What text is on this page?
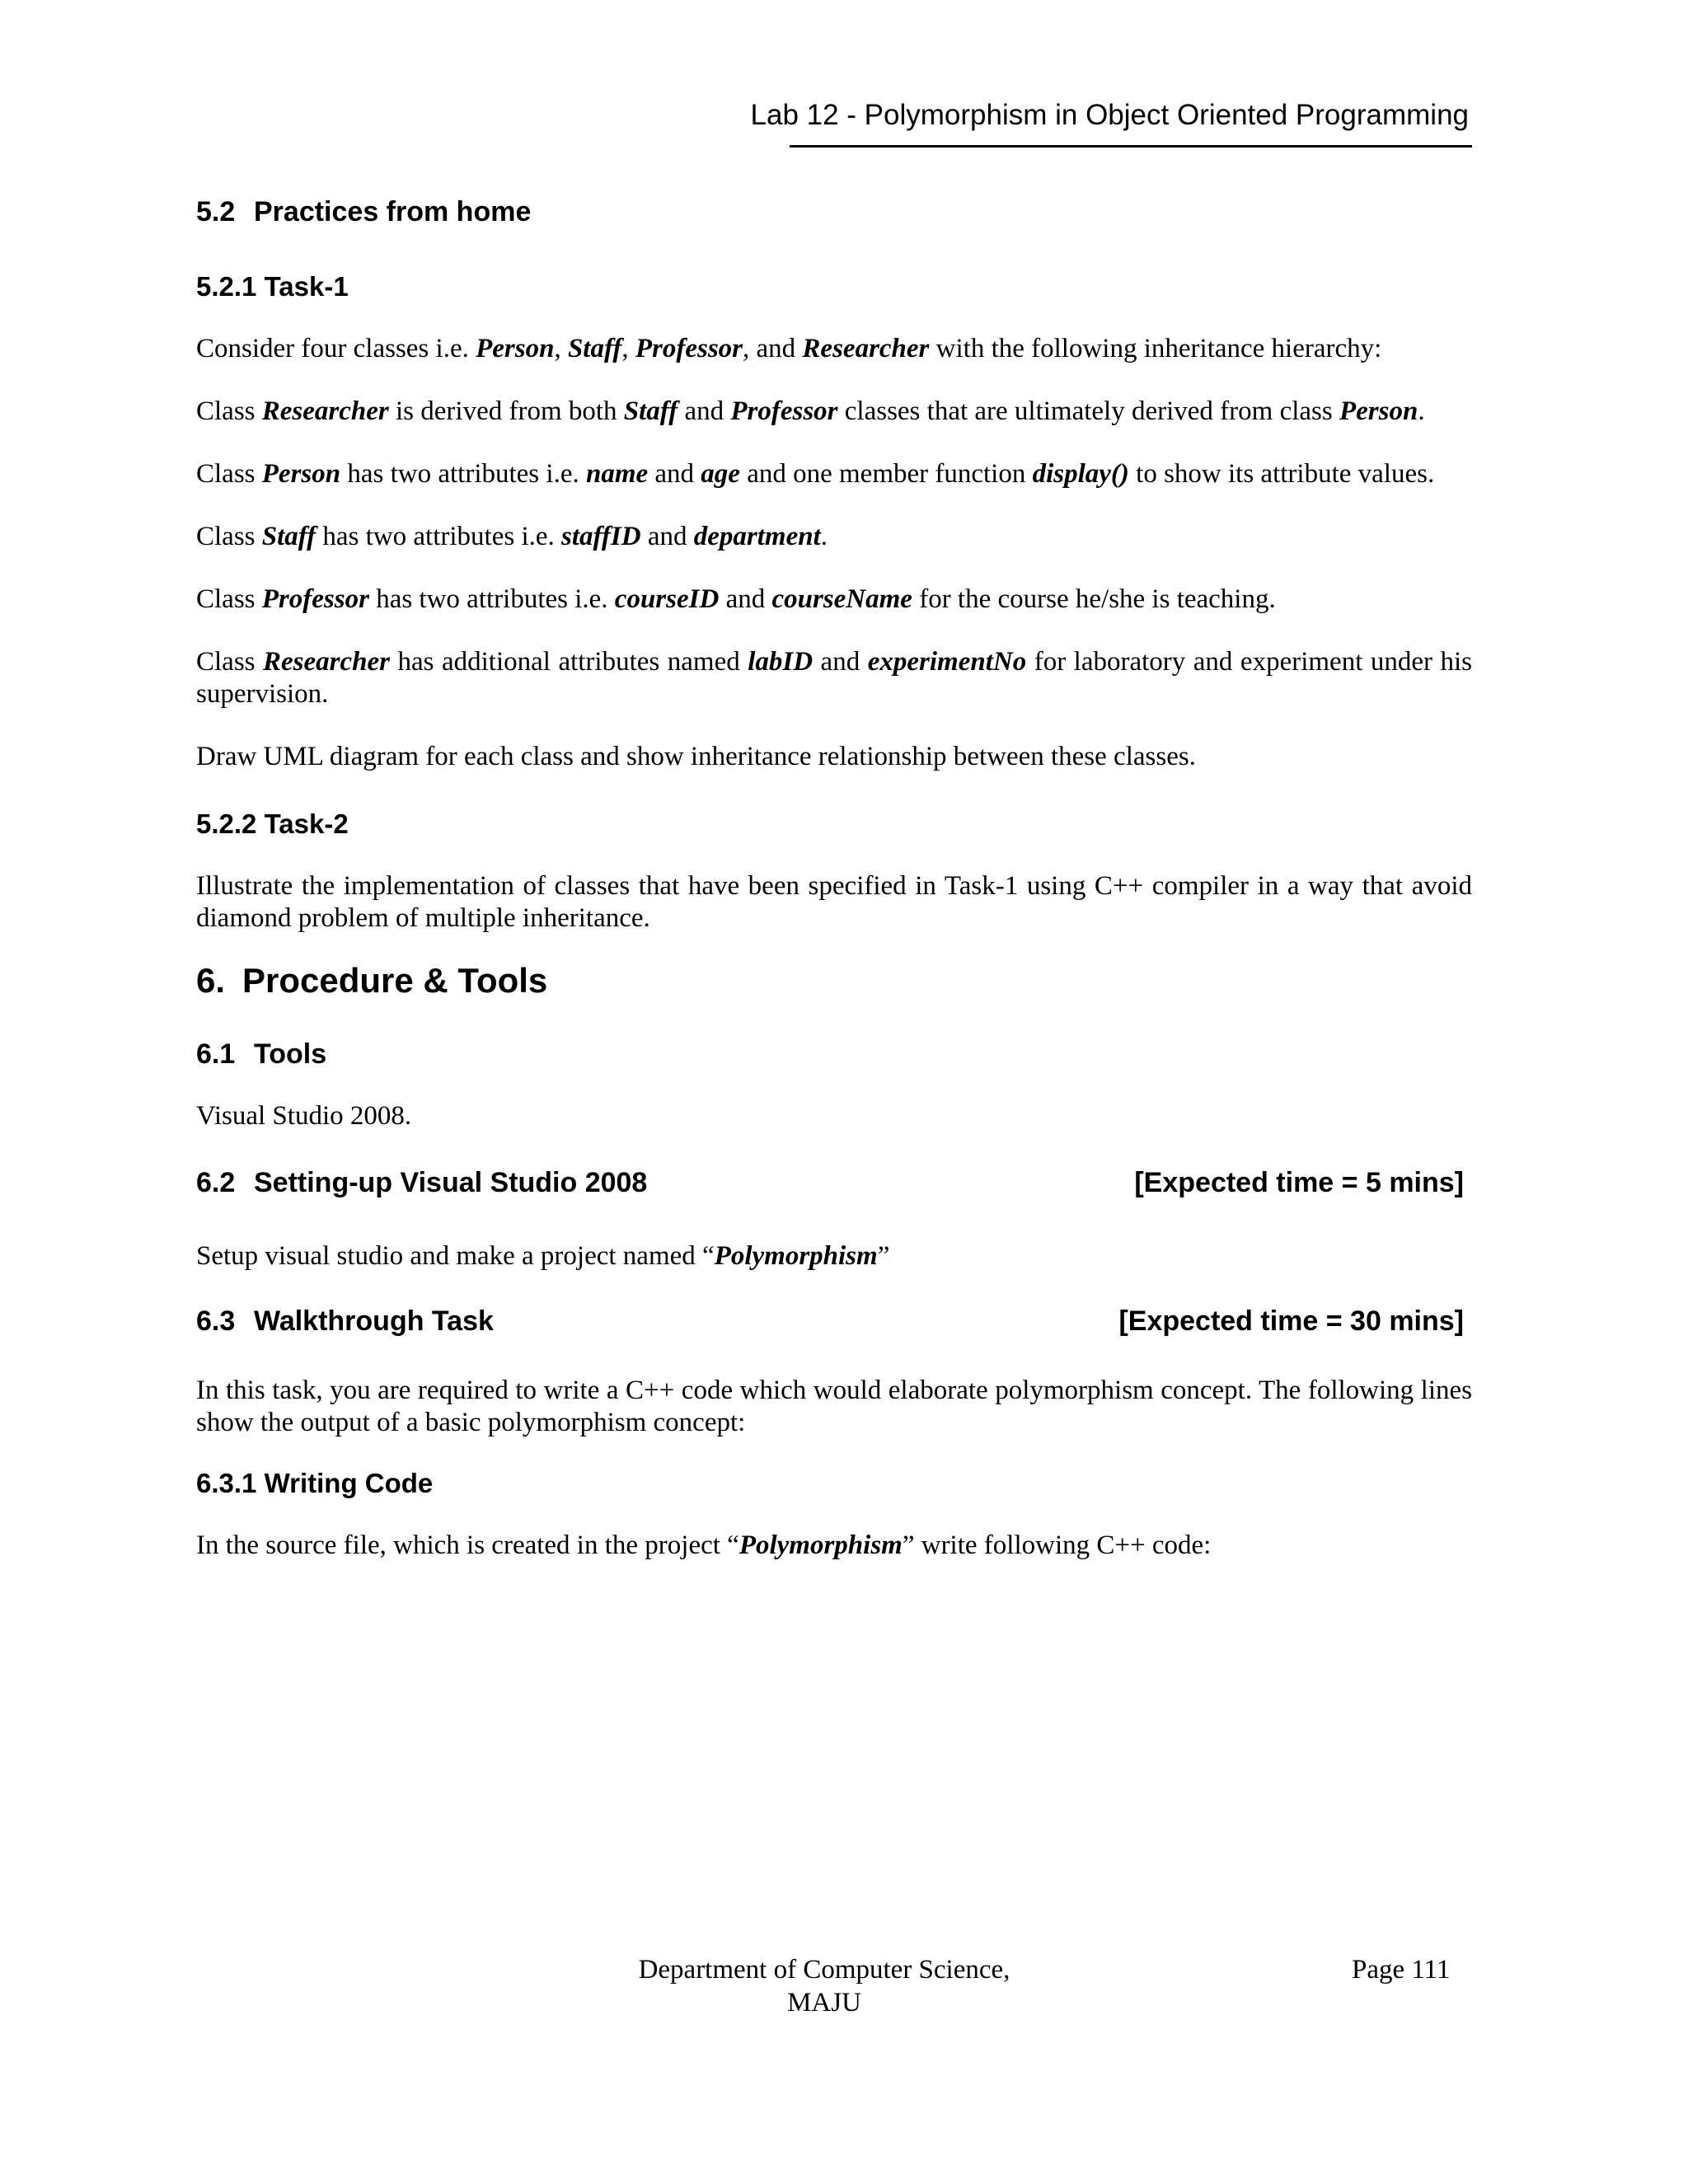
Lab 12 - Polymorphism in Object Oriented Programming
5.2 Practices from home
5.2.1 Task-1
Consider four classes i.e. Person, Staff, Professor, and Researcher with the following inheritance hierarchy:
Class Researcher is derived from both Staff and Professor classes that are ultimately derived from class Person.
Class Person has two attributes i.e. name and age and one member function display() to show its attribute values.
Class Staff has two attributes i.e. staffID and department.
Class Professor has two attributes i.e. courseID and courseName for the course he/she is teaching.
Class Researcher has additional attributes named labID and experimentNo for laboratory and experiment under his supervision.
Draw UML diagram for each class and show inheritance relationship between these classes.
5.2.2 Task-2
Illustrate the implementation of classes that have been specified in Task-1 using C++ compiler in a way that avoid diamond problem of multiple inheritance.
6. Procedure & Tools
6.1 Tools
Visual Studio 2008.
6.2 Setting-up Visual Studio 2008	[Expected time = 5 mins]
Setup visual studio and make a project named “Polymorphism”
6.3 Walkthrough Task	[Expected time = 30 mins]
In this task, you are required to write a C++ code which would elaborate polymorphism concept. The following lines show the output of a basic polymorphism concept:
6.3.1 Writing Code
In the source file, which is created in the project “Polymorphism” write following C++ code:
Department of Computer Science,
MAJU
Page 111
